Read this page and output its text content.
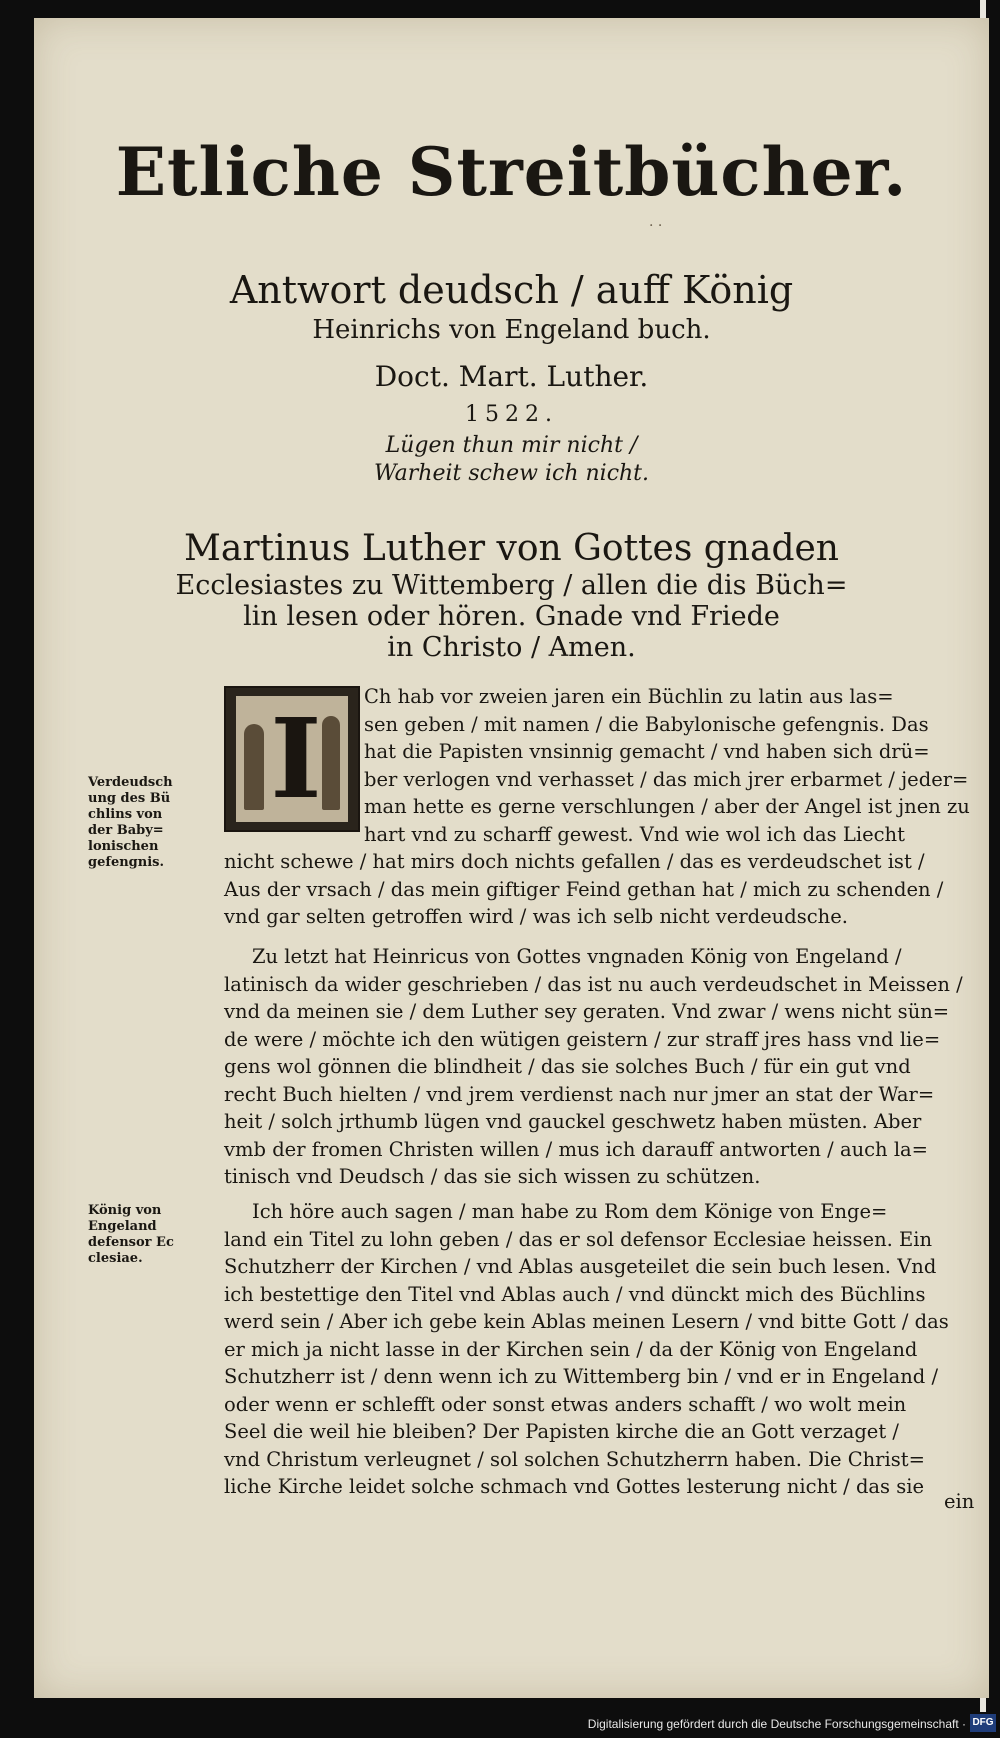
Etliche Streitbücher.
· ·
Antwort deudsch / auff König
Heinrichs von Engeland buch.
Doct. Mart. Luther.
1522.
Lügen thun mir nicht /
Warheit schew ich nicht.
Martinus Luther von Gottes gnaden
Ecclesiastes zu Wittemberg / allen die dis Büch=
lin lesen oder hören. Gnade vnd Friede
in Christo / Amen.
I Ch hab vor zweien jaren ein Büchlin zu latin aus las=
sen geben / mit namen / die Babylonische gefengnis. Das
hat die Papisten vnsinnig gemacht / vnd haben sich drü=
ber verlogen vnd verhasset / das mich jrer erbarmet / jeder=
man hette es gerne verschlungen / aber der Angel ist jnen zu
hart vnd zu scharff gewest. Vnd wie wol ich das Liecht
nicht schewe / hat mirs doch nichts gefallen / das es verdeudschet ist /
Aus der vrsach / das mein giftiger Feind gethan hat / mich zu schenden /
vnd gar selten getroffen wird / was ich selb nicht verdeudsche.
Zu letzt hat Heinricus von Gottes vngnaden König von Engeland /
latinisch da wider geschrieben / das ist nu auch verdeudschet in Meissen /
vnd da meinen sie / dem Luther sey geraten. Vnd zwar / wens nicht sün=
de were / möchte ich den wütigen geistern / zur straff jres hass vnd lie=
gens wol gönnen die blindheit / das sie solches Buch / für ein gut vnd
recht Buch hielten / vnd jrem verdienst nach nur jmer an stat der War=
heit / solch jrthumb lügen vnd gauckel geschwetz haben müsten. Aber
vmb der fromen Christen willen / mus ich darauff antworten / auch la=
tinisch vnd Deudsch / das sie sich wissen zu schützen.
Ich höre auch sagen / man habe zu Rom dem Könige von Enge=
land ein Titel zu lohn geben / das er sol defensor Ecclesiae heissen. Ein
Schutzherr der Kirchen / vnd Ablas ausgeteilet die sein buch lesen. Vnd
ich bestettige den Titel vnd Ablas auch / vnd dünckt mich des Büchlins
werd sein / Aber ich gebe kein Ablas meinen Lesern / vnd bitte Gott / das
er mich ja nicht lasse in der Kirchen sein / da der König von Engeland
Schutzherr ist / denn wenn ich zu Wittemberg bin / vnd er in Engeland /
oder wenn er schlefft oder sonst etwas anders schafft / wo wolt mein
Seel die weil hie bleiben? Der Papisten kirche die an Gott verzaget /
vnd Christum verleugnet / sol solchen Schutzherrn haben. Die Christ=
liche Kirche leidet solche schmach vnd Gottes lesterung nicht / das sie
ein
Verdeudsch
ung des Bü
chlins von
der Baby=
lonischen
gefengnis.
König von
Engeland
defensor Ec
clesiae.
Digitalisierung gefördert durch die Deutsche Forschungsgemeinschaft · DFG
